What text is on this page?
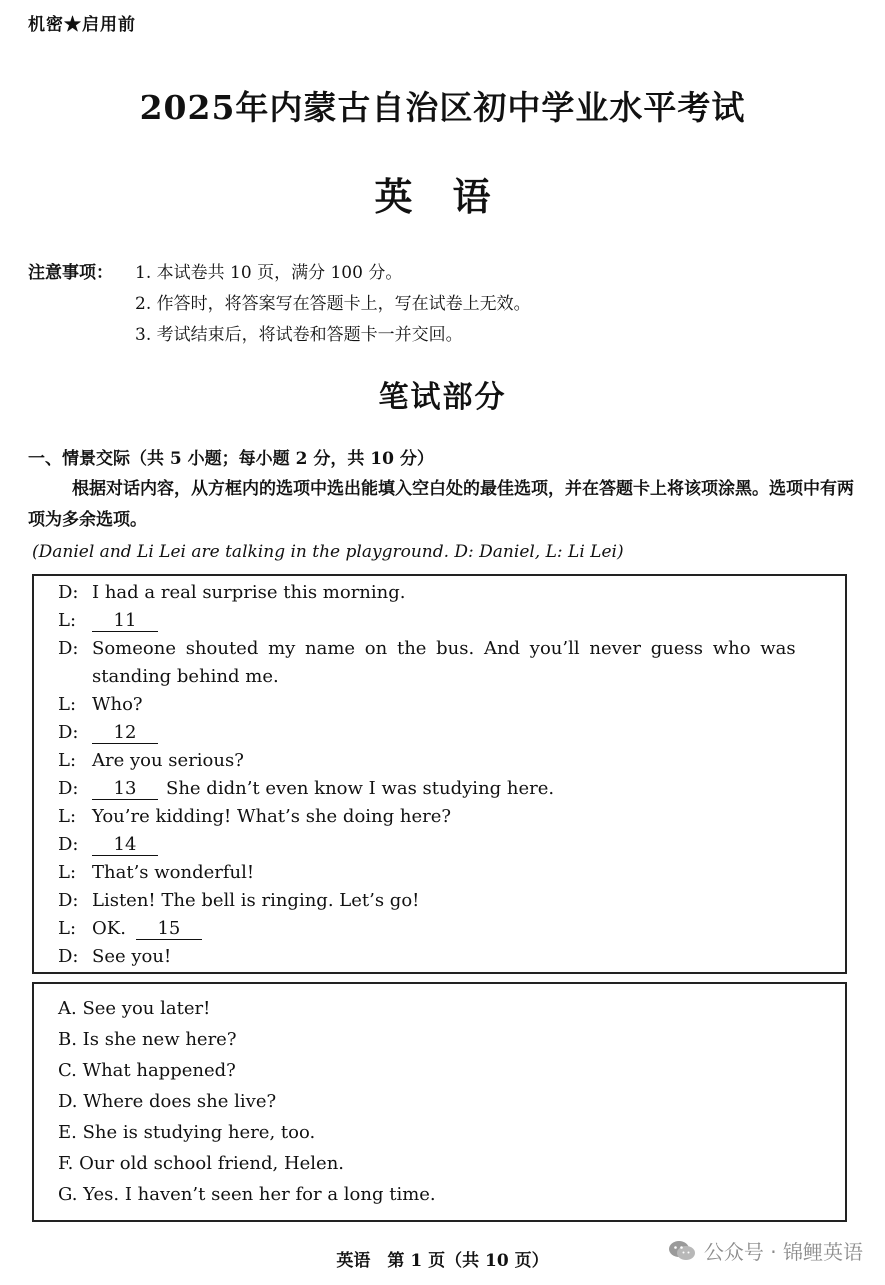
机密★启用前
2025年内蒙古自治区初中学业水平考试
英语
注意事项： 1. 本试卷共 10 页，满分 100 分。
2. 作答时，将答案写在答题卡上，写在试卷上无效。
3. 考试结束后，将试卷和答题卡一并交回。
笔试部分
一、情景交际（共 5 小题；每小题 2 分，共 10 分）
根据对话内容，从方框内的选项中选出能填入空白处的最佳选项，并在答题卡上将该项涂黑。选项中有两项为多余选项。
(Daniel and Li Lei are talking in the playground. D: Daniel, L: Li Lei)
D: I had a real surprise this morning.
L: 11
D: Someone shouted my name on the bus. And you’ll never guess who was
standing behind me.
L: Who?
D: 12
L: Are you serious?
D: 13 She didn’t even know I was studying here.
L: You’re kidding! What’s she doing here?
D: 14
L: That’s wonderful!
D: Listen! The bell is ringing. Let’s go!
L: OK. 15
D: See you!
A. See you later!
B. Is she new here?
C. What happened?
D. Where does she live?
E. She is studying here, too.
F. Our old school friend, Helen.
G. Yes. I haven’t seen her for a long time.
英语　第 1 页（共 10 页）	公众号 · 锦鲤英语
